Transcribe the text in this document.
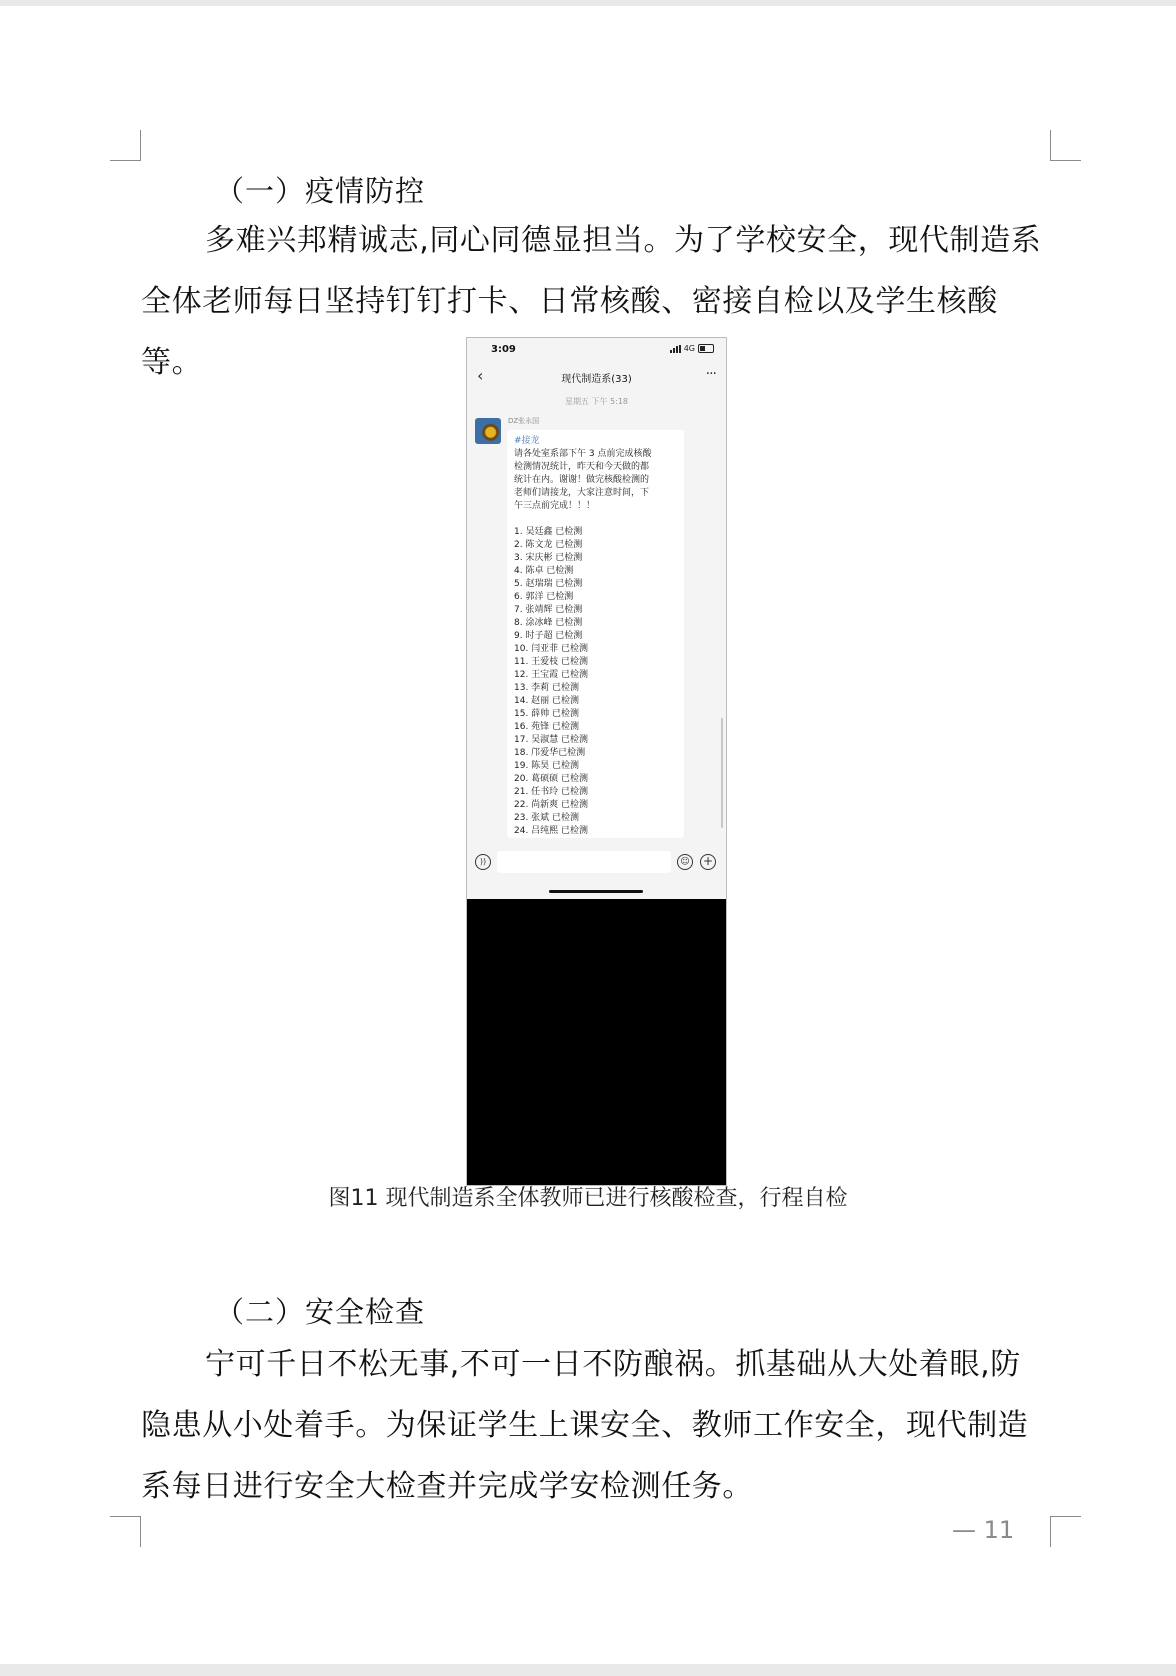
（一）疫情防控

多难兴邦精诚志,同心同德显担当。为了学校安全，现代制造系全体老师每日坚持钉钉打卡、日常核酸、密接自检以及学生核酸等。	3:09	4G
‹	现代制造系(33)	···
星期五 下午 5:18
DZ张永国
#接龙
请各处室系部下午 3 点前完成核酸
检测情况统计，昨天和今天做的都
统计在内。谢谢！做完核酸检测的
老师们请接龙，大家注意时间，下
午三点前完成！！！
1. 吴廷鑫 已检测
2. 陈文龙 已检测
3. 宋庆彬 已检测
4. 陈卓 已检测
5. 赵瑞瑞 已检测
6. 郭洋 已检测
7. 张靖辉 已检测
8. 涂冰峰 已检测
9. 时子超 已检测
10. 闫亚菲 已检测
11. 王爱枝 已检测
12. 王宝霞 已检测
13. 李莉 已检测
14. 赵丽 已检测
15. 薛帅 已检测
16. 苑锋 已检测
17. 吴淑慧 已检测
18. 邝爱华已检测
19. 陈昊 已检测
20. 葛硕硕 已检测
21. 任书玲 已检测
22. 尚新爽 已检测
23. 张斌 已检测
24. 吕纯熙 已检测
))	☺ +
图11 现代制造系全体教师已进行核酸检查，行程自检
（二）安全检查

宁可千日不松无事,不可一日不防酿祸。抓基础从大处着眼,防隐患从小处着手。为保证学生上课安全、教师工作安全，现代制造系每日进行安全大检查并完成学安检测任务。

— 11
